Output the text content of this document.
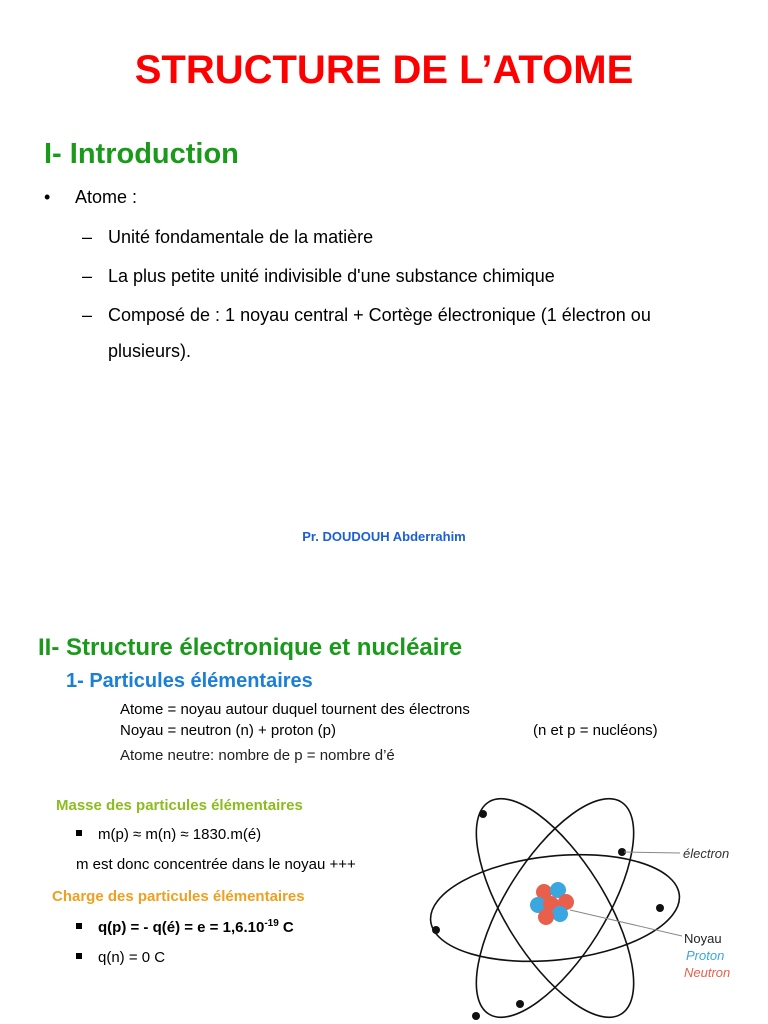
STRUCTURE DE L’ATOME
I- Introduction
• Atome :
– Unité fondamentale de la matière
– La plus petite unité indivisible d'une substance chimique
– Composé de : 1 noyau central + Cortège électronique (1 électron ou
plusieurs).
Pr. DOUDOUH Abderrahim
II- Structure électronique et nucléaire
1- Particules élémentaires
Atome = noyau autour duquel tournent des électrons
Noyau = neutron (n) + proton (p)	(n et p = nucléons)
Atome neutre: nombre de p = nombre d’é
Masse des particules élémentaires
m(p) ≈ m(n) ≈ 1830.m(é)
m est donc concentrée dans le noyau +++
Charge des particules élémentaires
q(p) = - q(é) = $e = 1,6.10^{-19}$ C
q(n) = 0 C
électron
Noyau
Proton
Neutron
